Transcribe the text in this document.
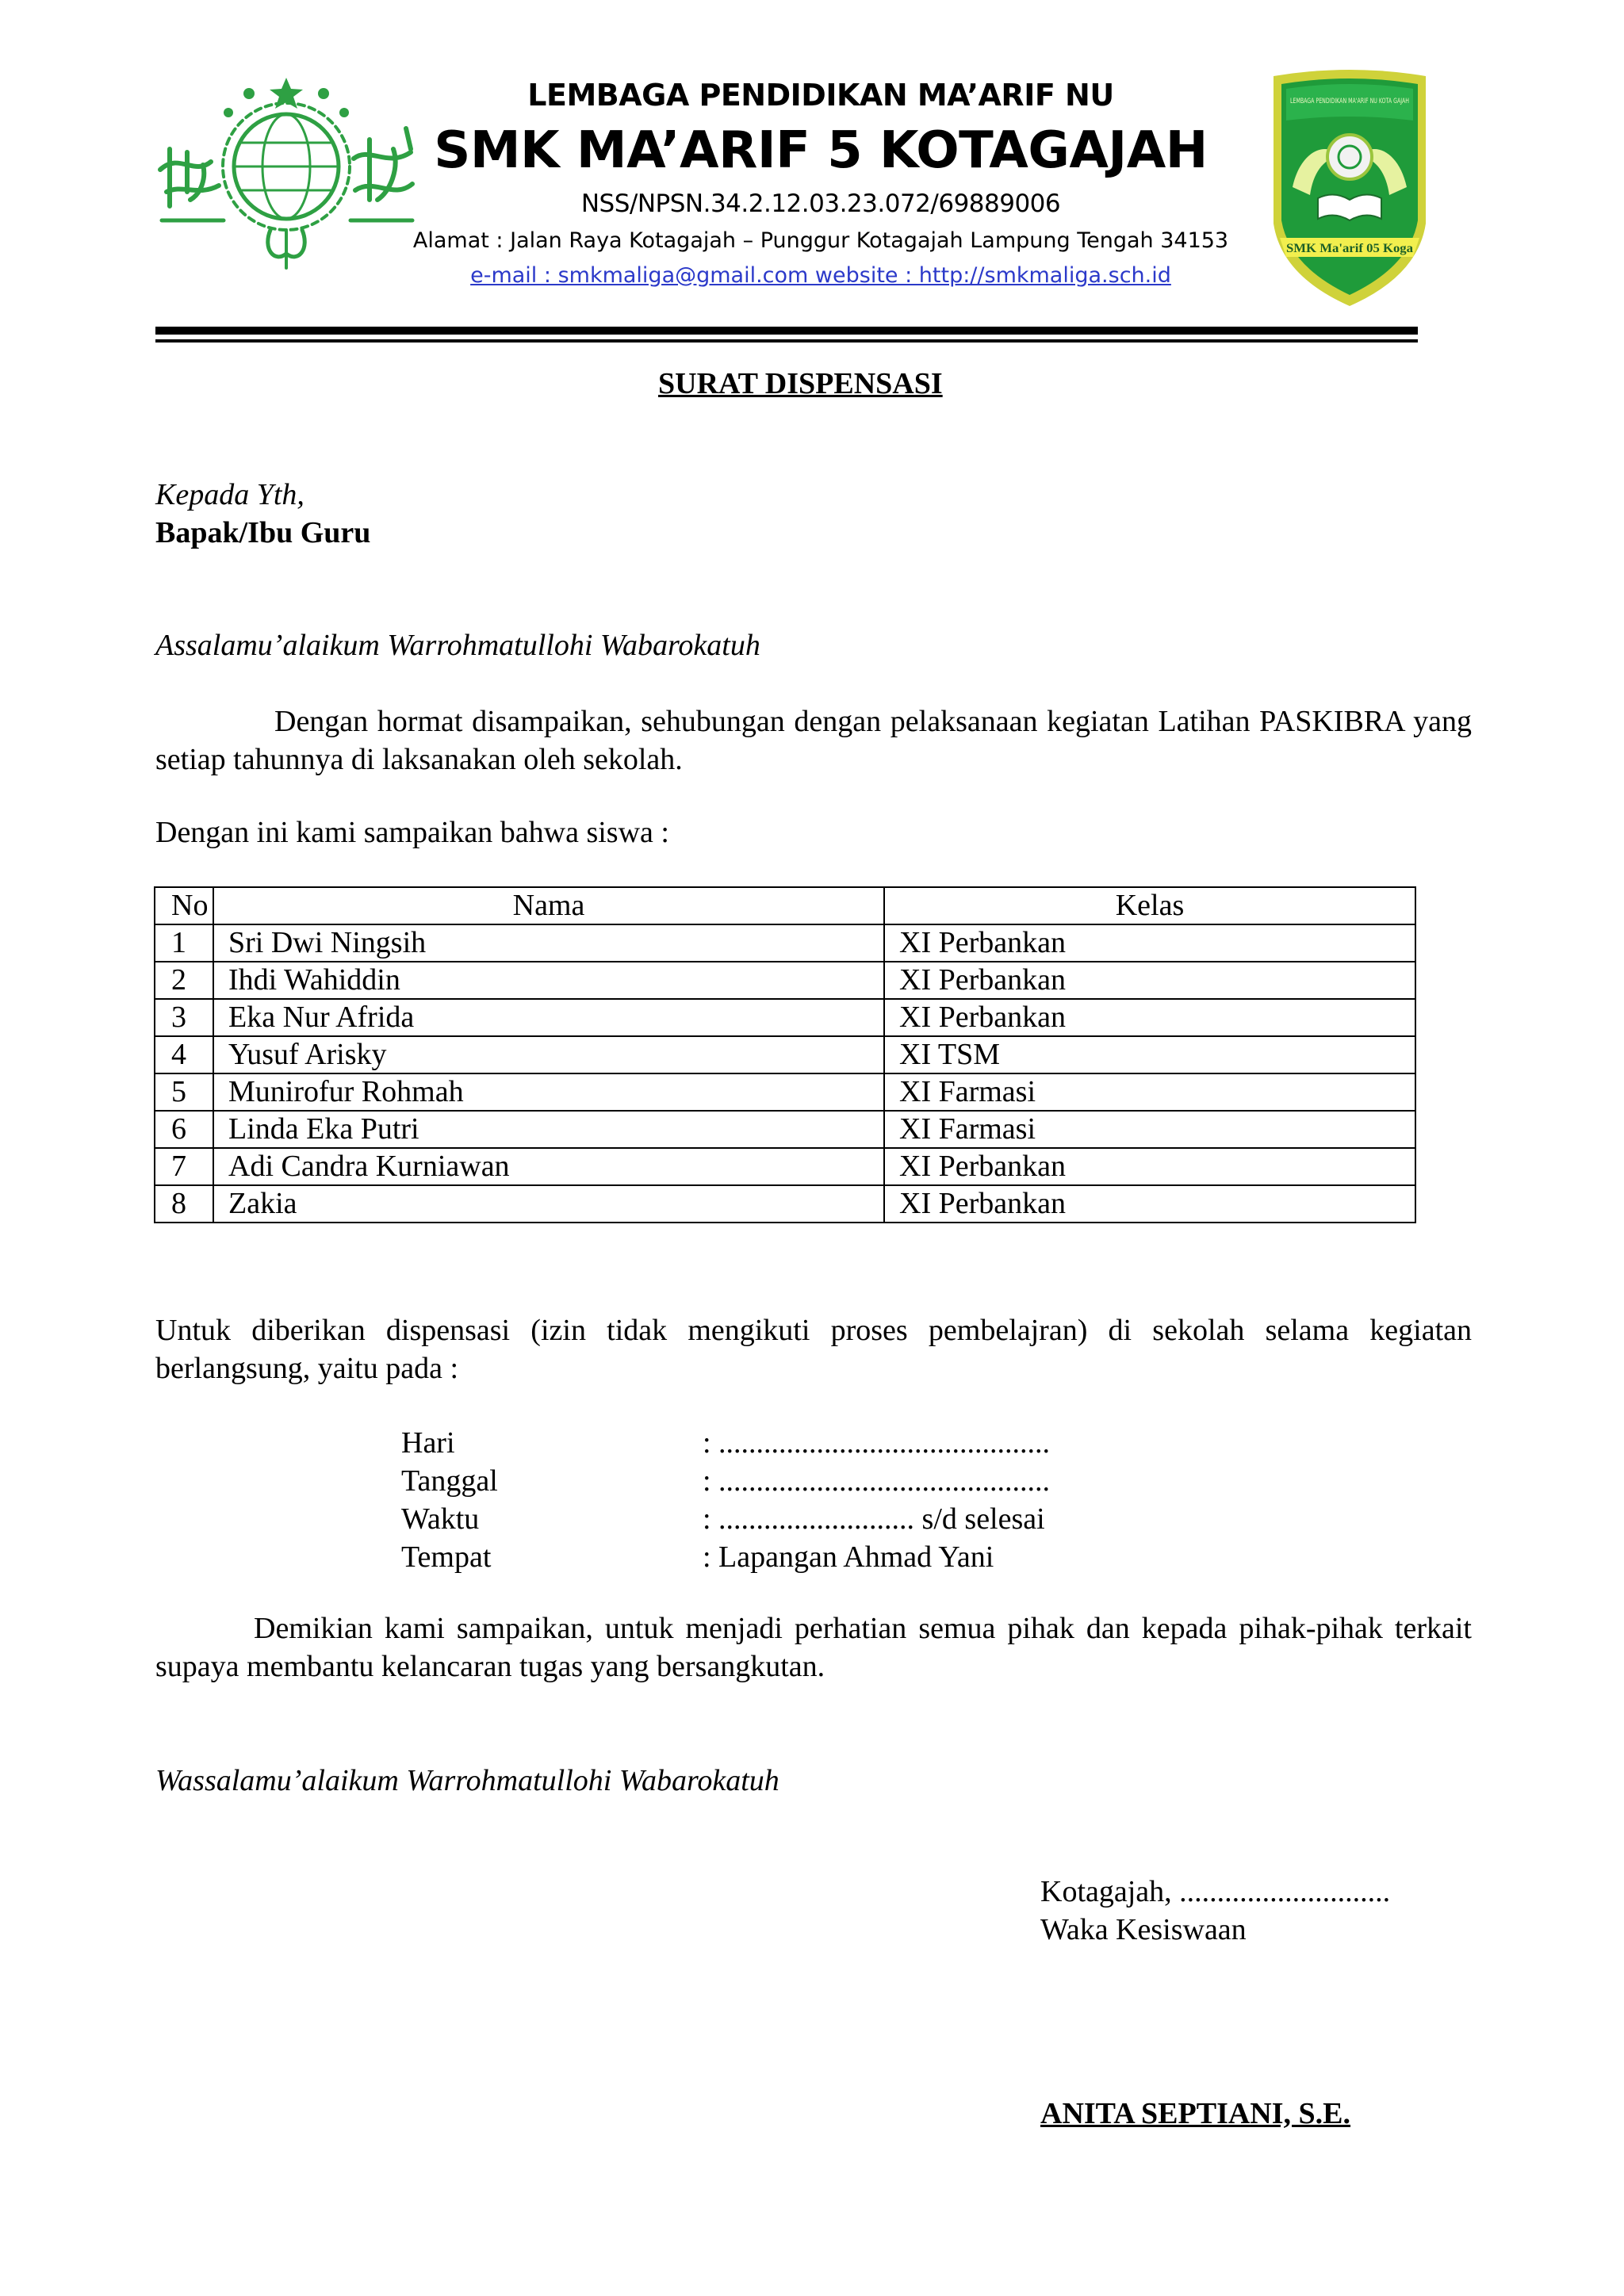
LEMBAGA PENDIDIKAN MA’ARIF NU
SMK MA’ARIF 5 KOTAGAJAH
NSS/NPSN.34.2.12.03.23.072/69889006
Alamat : Jalan Raya Kotagajah – Punggur Kotagajah Lampung Tengah 34153
e-mail : smkmaliga@gmail.com website : http://smkmaliga.sch.id
LEMBAGA PENDIDIKAN MA'ARIF NU KOTA GAJAH
SMK Ma'arif 05 Koga
SURAT DISPENSASI
Kepada Yth,
Bapak/Ibu Guru
Assalamu’alaikum Warrohmatullohi Wabarokatuh
Dengan hormat disampaikan, sehubungan dengan pelaksanaan kegiatan Latihan PASKIBRA yang setiap tahunnya di laksanakan oleh sekolah.
Dengan ini kami sampaikan bahwa siswa :
No	Nama	Kelas
1	Sri Dwi Ningsih	XI Perbankan
2	Ihdi Wahiddin	XI Perbankan
3	Eka Nur Afrida	XI Perbankan
4	Yusuf Arisky	XI TSM
5	Munirofur Rohmah	XI Farmasi
6	Linda Eka Putri	XI Farmasi
7	Adi Candra Kurniawan	XI Perbankan
8	Zakia	XI Perbankan
Untuk diberikan dispensasi (izin tidak mengikuti proses pembelajran) di sekolah selama kegiatan berlangsung, yaitu pada :
Hari	: ............................................
Tanggal	: ............................................
Waktu	: .......................... s/d selesai
Tempat	: Lapangan Ahmad Yani
Demikian kami sampaikan, untuk menjadi perhatian semua pihak dan kepada pihak-pihak terkait supaya membantu kelancaran tugas yang bersangkutan.
Wassalamu’alaikum Warrohmatullohi Wabarokatuh
Kotagajah, ............................
Waka Kesiswaan
ANITA SEPTIANI, S.E.
